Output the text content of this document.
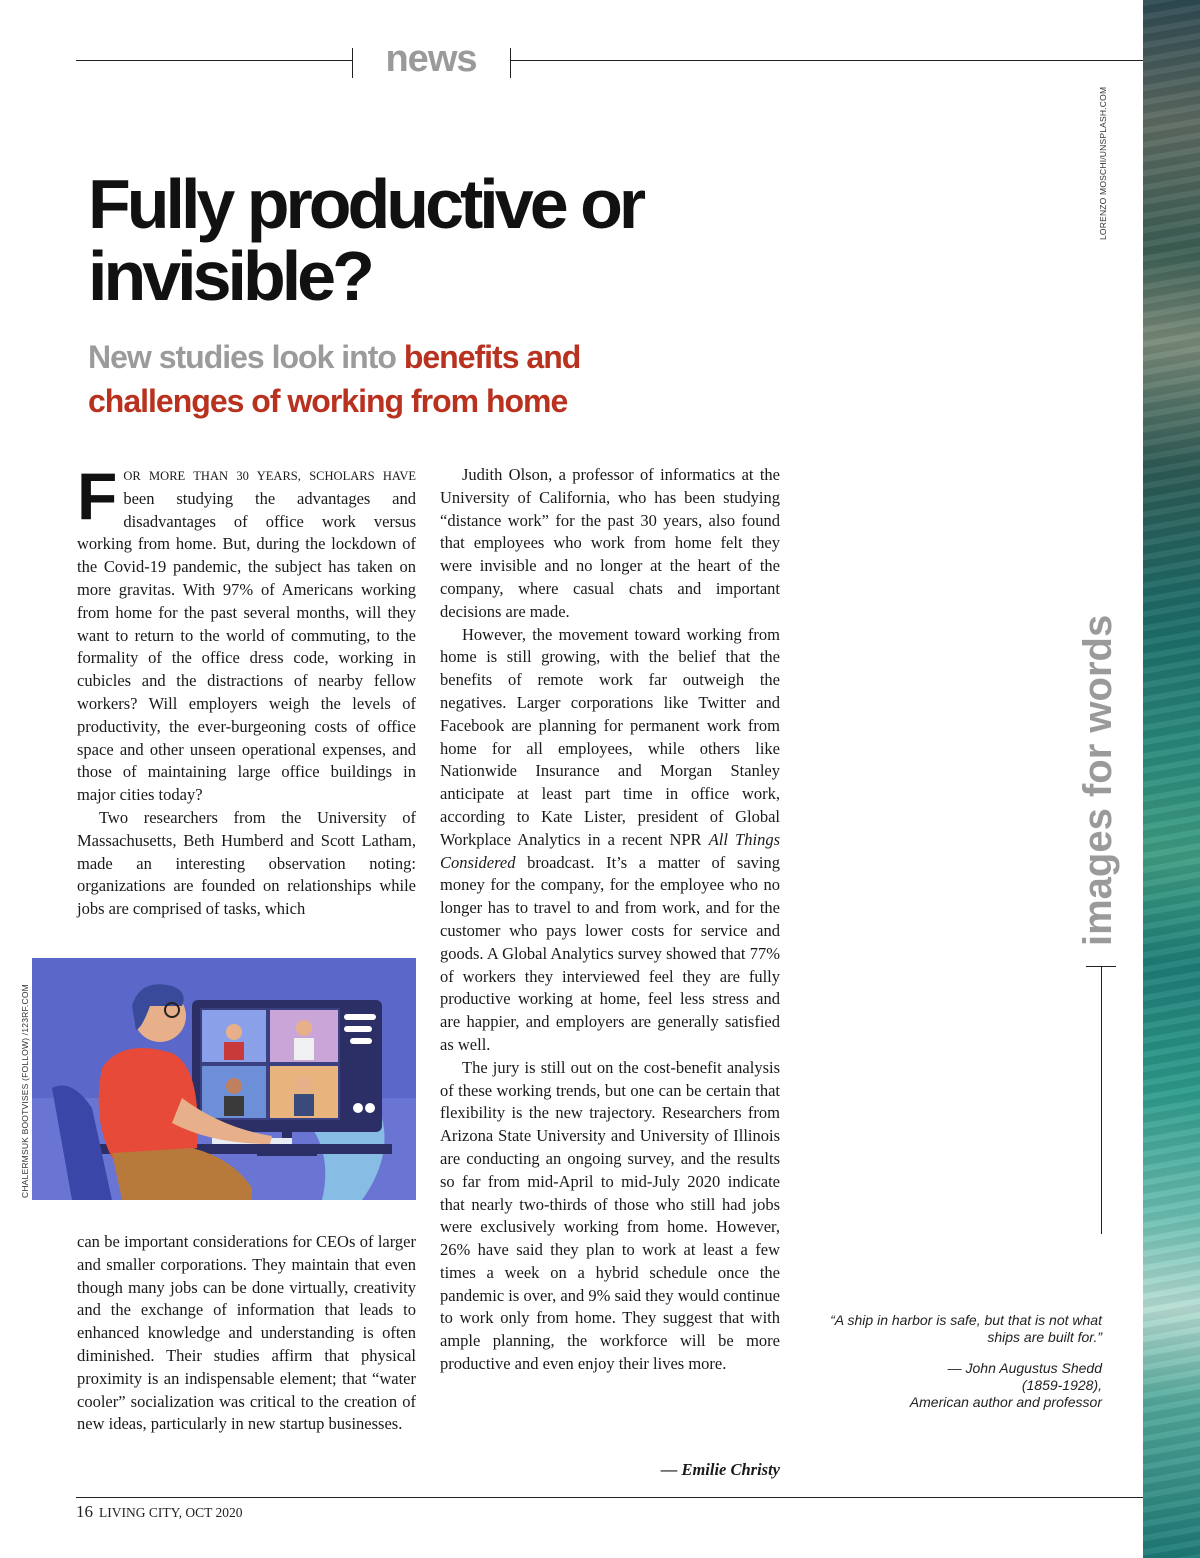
news
LORENZO MOSCHI/UNSPLASH.COM
Fully productive or invisible?
New studies look into benefits and challenges of working from home

FOR MORE THAN 30 YEARS, SCHOLARS HAVE been studying the advantages and disadvantages of office work versus working from home. But, during the lockdown of the Covid-19 pandemic, the subject has taken on more gravitas. With 97% of Americans working from home for the past several months, will they want to return to the world of commuting, to the formality of the office dress code, working in cubicles and the distractions of nearby fellow workers? Will employers weigh the levels of productivity, the ever-burgeoning costs of office space and other unseen operational expenses, and those of maintaining large office buildings in major cities today?

Two researchers from the University of Massachusetts, Beth Humberd and Scott Latham, made an interesting observation noting: organizations are founded on relationships while jobs are comprised of tasks, which

CHALERMSUK BOOTVISES (FOLLOW) /123RF.COM

can be important considerations for CEOs of larger and smaller corporations. They maintain that even though many jobs can be done virtually, creativity and the exchange of information that leads to enhanced knowledge and understanding is often diminished. Their studies affirm that physical proximity is an indispensable element; that “water cooler” socialization was critical to the creation of new ideas, particularly in new startup businesses.

Judith Olson, a professor of informatics at the University of California, who has been studying “distance work” for the past 30 years, also found that employees who work from home felt they were invisible and no longer at the heart of the company, where casual chats and important decisions are made.

However, the movement toward working from home is still growing, with the belief that the benefits of remote work far outweigh the negatives. Larger corporations like Twitter and Facebook are planning for permanent work from home for all employees, while others like Nationwide Insurance and Morgan Stanley anticipate at least part time in office work, according to Kate Lister, president of Global Workplace Analytics in a recent NPR All Things Considered broadcast. It’s a matter of saving money for the company, for the employee who no longer has to travel to and from work, and for the customer who pays lower costs for service and goods. A Global Analytics survey showed that 77% of workers they interviewed feel they are fully productive working at home, feel less stress and are happier, and employers are generally satisfied as well.

The jury is still out on the cost-benefit analysis of these working trends, but one can be certain that flexibility is the new trajectory. Researchers from Arizona State University and University of Illinois are conducting an ongoing survey, and the results so far from mid-April to mid-July 2020 indicate that nearly two-thirds of those who still had jobs were exclusively working from home. However, 26% have said they plan to work at least a few times a week on a hybrid schedule once the pandemic is over, and 9% said they would continue to work only from home. They suggest that with ample planning, the workforce will be more productive and even enjoy their lives more.

— Emilie Christy
images for words

“A ship in harbor is safe, but that is not what ships are built for.”

— John Augustus Shedd

(1859-1928),

American author and professor

16 LIVING CITY, OCT 2020
